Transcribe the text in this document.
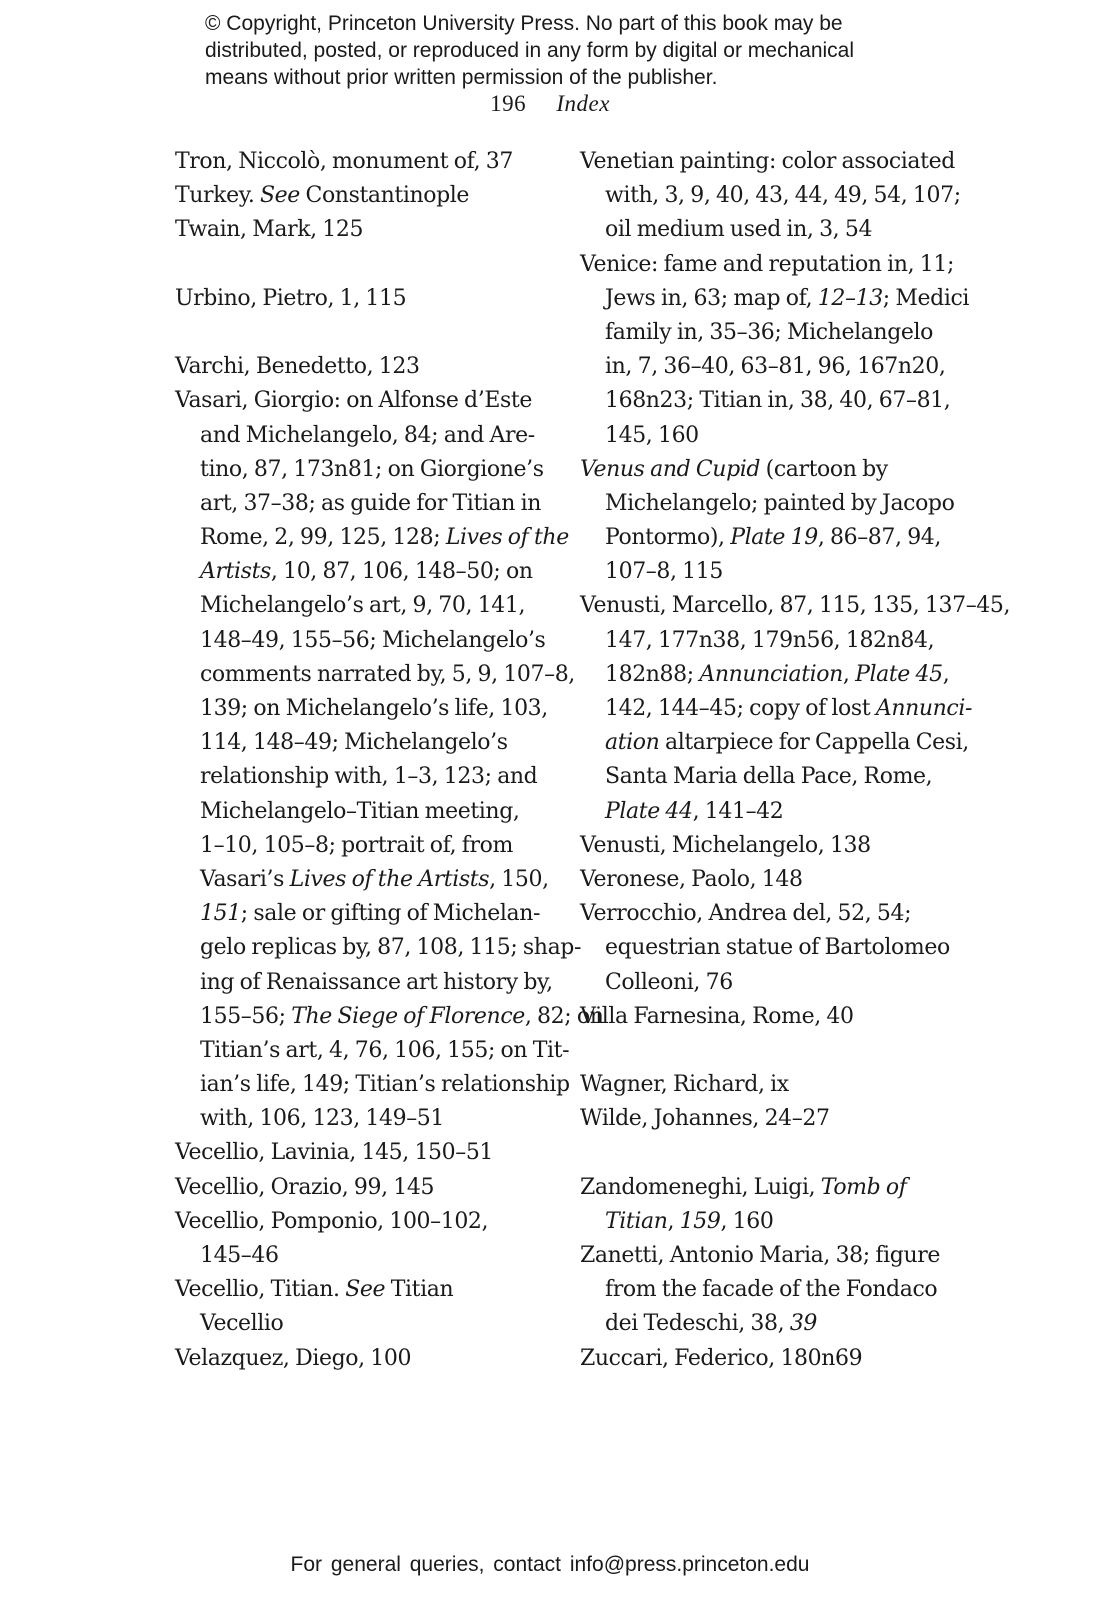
© Copyright, Princeton University Press. No part of this book may be
distributed, posted, or reproduced in any form by digital or mechanical
means without prior written permission of the publisher.
196 Index
Tron, Niccolò, monument of, 37
Turkey. See Constantinople
Twain, Mark, 125
Urbino, Pietro, 1, 115
Varchi, Benedetto, 123
Vasari, Giorgio: on Alfonse d’Este
and Michelangelo, 84; and Are-
tino, 87, 173n81; on Giorgione’s
art, 37–38; as guide for Titian in
Rome, 2, 99, 125, 128; Lives of the
Artists, 10, 87, 106, 148–50; on
Michelangelo’s art, 9, 70, 141,
148–49, 155–56; Michelangelo’s
comments narrated by, 5, 9, 107–8,
139; on Michelangelo’s life, 103,
114, 148–49; Michelangelo’s
relationship with, 1–3, 123; and
Michelangelo–Titian meeting,
1–10, 105–8; portrait of, from
Vasari’s Lives of the Artists, 150,
151; sale or gifting of Michelan-
gelo replicas by, 87, 108, 115; shap-
ing of Renaissance art history by,
155–56; The Siege of Florence, 82; on
Titian’s art, 4, 76, 106, 155; on Tit-
ian’s life, 149; Titian’s relationship
with, 106, 123, 149–51
Vecellio, Lavinia, 145, 150–51
Vecellio, Orazio, 99, 145
Vecellio, Pomponio, 100–102,
145–46
Vecellio, Titian. See Titian
Vecellio
Velazquez, Diego, 100
Venetian painting: color associated
with, 3, 9, 40, 43, 44, 49, 54, 107;
oil medium used in, 3, 54
Venice: fame and reputation in, 11;
Jews in, 63; map of, 12–13; Medici
family in, 35–36; Michelangelo
in, 7, 36–40, 63–81, 96, 167n20,
168n23; Titian in, 38, 40, 67–81,
145, 160
Venus and Cupid (cartoon by
Michelangelo; painted by Jacopo
Pontormo), Plate 19, 86–87, 94,
107–8, 115
Venusti, Marcello, 87, 115, 135, 137–45,
147, 177n38, 179n56, 182n84,
182n88; Annunciation, Plate 45,
142, 144–45; copy of lost Annunci-
ation altarpiece for Cappella Cesi,
Santa Maria della Pace, Rome,
Plate 44, 141–42
Venusti, Michelangelo, 138
Veronese, Paolo, 148
Verrocchio, Andrea del, 52, 54;
equestrian statue of Bartolomeo
Colleoni, 76
Villa Farnesina, Rome, 40
Wagner, Richard, ix
Wilde, Johannes, 24–27
Zandomeneghi, Luigi, Tomb of
Titian, 159, 160
Zanetti, Antonio Maria, 38; figure
from the facade of the Fondaco
dei Tedeschi, 38, 39
Zuccari, Federico, 180n69
For general queries, contact info@press.princeton.edu
